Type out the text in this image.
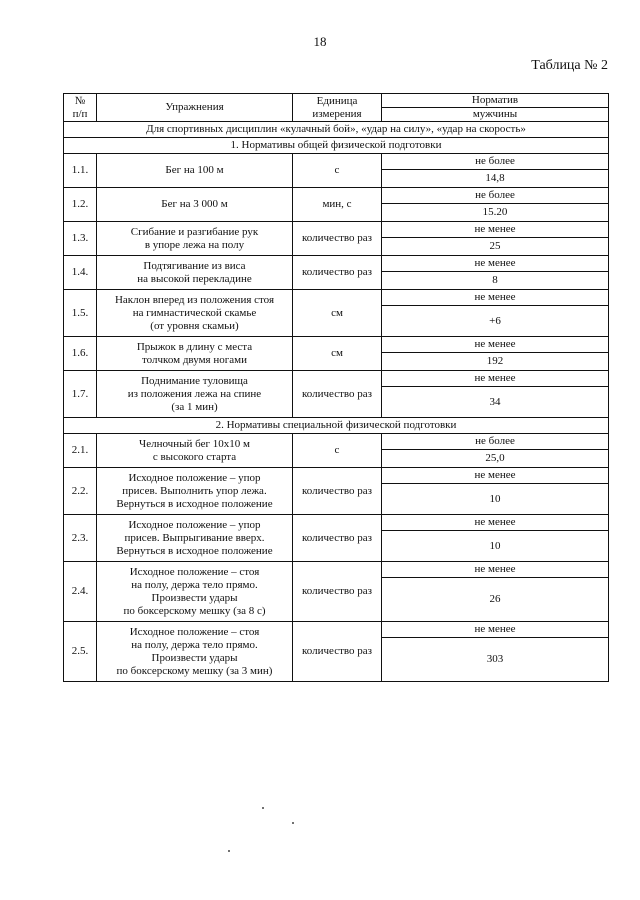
18
Таблица № 2
№
п/п	Упражнения	Единица
измерения	Норматив
			мужчины
Для спортивных дисциплин «кулачный бой», «удар на силу», «удар на скорость»			
1. Нормативы общей физической подготовки			
1.1.	Бег на 100 м	с	не более
			14,8
1.2.	Бег на 3 000 м	мин, с	не более
			15.20
1.3.	Сгибание и разгибание рук
в упоре лежа на полу	количество раз	не менее
			25
1.4.	Подтягивание из виса
на высокой перекладине	количество раз	не менее
			8
1.5.	Наклон вперед из положения стоя
на гимнастической скамье
(от уровня скамьи)	см	не менее
			+6
1.6.	Прыжок в длину с места
толчком двумя ногами	см	не менее
			192
1.7.	Поднимание туловища
из положения лежа на спине
(за 1 мин)	количество раз	не менее
			34
2. Нормативы специальной физической подготовки			
2.1.	Челночный бег 10х10 м
с высокого старта	с	не более
			25,0
2.2.	Исходное положение – упор
присев. Выполнить упор лежа.
Вернуться в исходное положение	количество раз	не менее
			10
2.3.	Исходное положение – упор
присев. Выпрыгивание вверх.
Вернуться в исходное положение	количество раз	не менее
			10
2.4.	Исходное положение – стоя
на полу, держа тело прямо.
Произвести удары
по боксерскому мешку (за 8 с)	количество раз	не менее
			26
2.5.	Исходное положение – стоя
на полу, держа тело прямо.
Произвести удары
по боксерскому мешку (за 3 мин)	количество раз	не менее
			303
